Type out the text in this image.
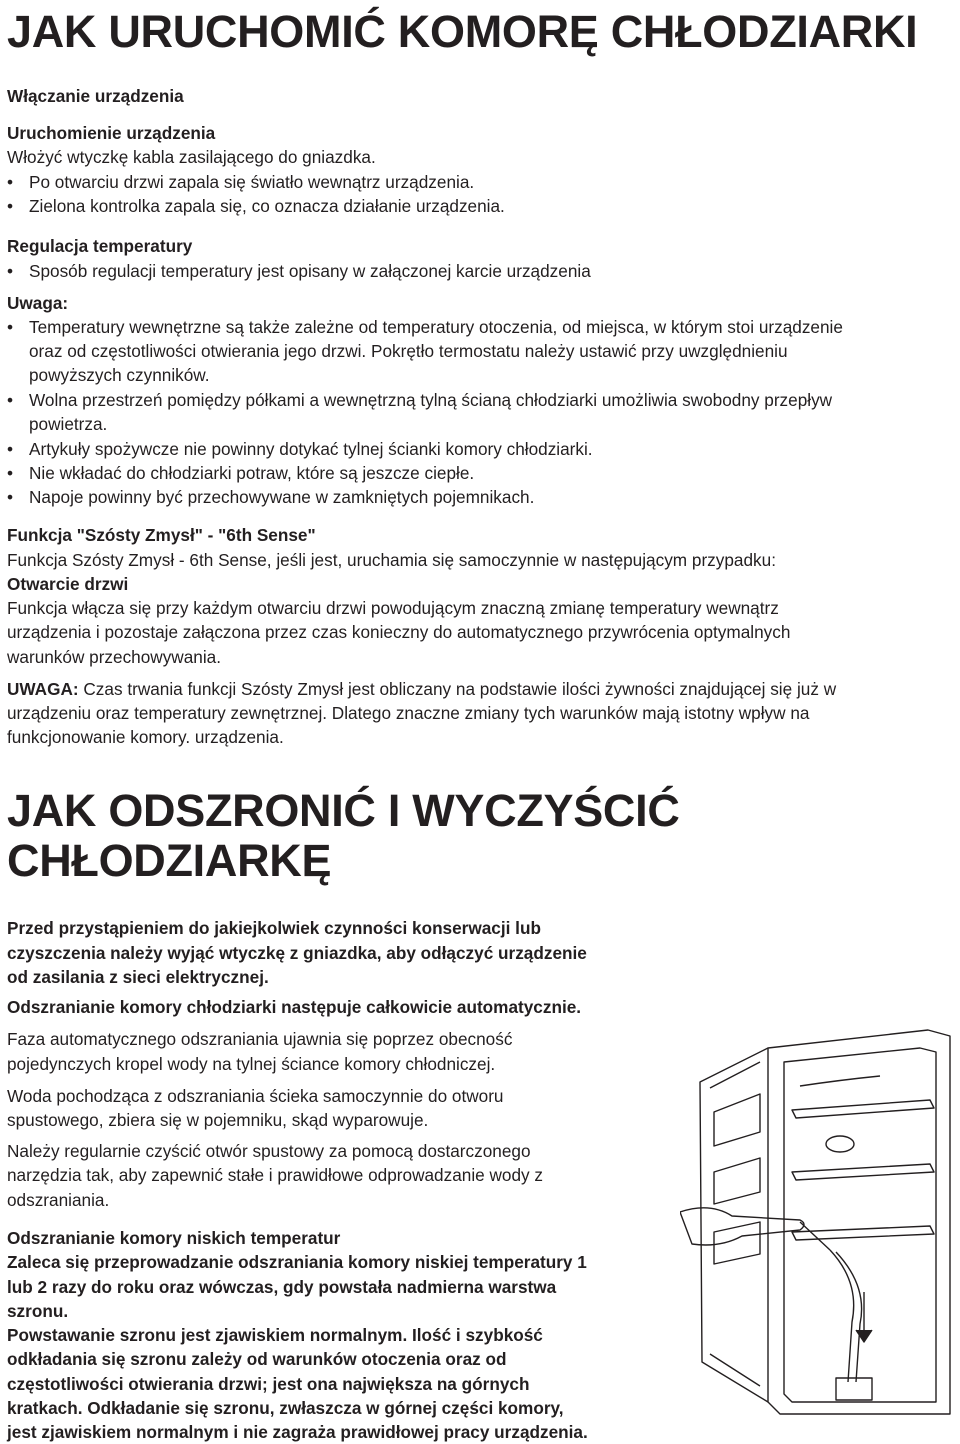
JAK URUCHOMIĆ KOMORĘ CHŁODZIARKI
Włączanie urządzenia
Uruchomienie urządzenia
Włożyć wtyczkę kabla zasilającego do gniazdka.
• Po otwarciu drzwi zapala się światło wewnątrz urządzenia.
• Zielona kontrolka zapala się, co oznacza działanie urządzenia.
Regulacja temperatury
• Sposób regulacji temperatury jest opisany w załączonej karcie urządzenia
Uwaga:
• Temperatury wewnętrzne są także zależne od temperatury otoczenia, od miejsca, w którym stoi urządzenie
oraz od częstotliwości otwierania jego drzwi. Pokrętło termostatu należy ustawić przy uwzględnieniu
powyższych czynników.
• Wolna przestrzeń pomiędzy półkami a wewnętrzną tylną ścianą chłodziarki umożliwia swobodny przepływ
powietrza.
• Artykuły spożywcze nie powinny dotykać tylnej ścianki komory chłodziarki.
• Nie wkładać do chłodziarki potraw, które są jeszcze ciepłe.
• Napoje powinny być przechowywane w zamkniętych pojemnikach.
Funkcja "Szósty Zmysł" - "6th Sense"
Funkcja Szósty Zmysł - 6th Sense, jeśli jest, uruchamia się samoczynnie w następującym przypadku:
Otwarcie drzwi
Funkcja włącza się przy każdym otwarciu drzwi powodującym znaczną zmianę temperatury wewnątrz
urządzenia i pozostaje załączona przez czas konieczny do automatycznego przywrócenia optymalnych
warunków przechowywania.
UWAGA: Czas trwania funkcji Szósty Zmysł jest obliczany na podstawie ilości żywności znajdującej się już w
urządzeniu oraz temperatury zewnętrznej. Dlatego znaczne zmiany tych warunków mają istotny wpływ na
funkcjonowanie komory. urządzenia.
JAK ODSZRONIĆ I WYCZYŚCIĆ CHŁODZIARKĘ
Przed przystąpieniem do jakiejkolwiek czynności konserwacji lub
czyszczenia należy wyjąć wtyczkę z gniazdka, aby odłączyć urządzenie
od zasilania z sieci elektrycznej.
Odszranianie komory chłodziarki następuje całkowicie automatycznie.
Faza automatycznego odszraniania ujawnia się poprzez obecność
pojedynczych kropel wody na tylnej ściance komory chłodniczej.
Woda pochodząca z odszraniania ścieka samoczynnie do otworu
spustowego, zbiera się w pojemniku, skąd wyparowuje.
Należy regularnie czyścić otwór spustowy za pomocą dostarczonego
narzędzia tak, aby zapewnić stałe i prawidłowe odprowadzanie wody z
odszraniania.
Odszranianie komory niskich temperatur
Zaleca się przeprowadzanie odszraniania komory niskiej temperatury 1
lub 2 razy do roku oraz wówczas, gdy powstała nadmierna warstwa
szronu.
Powstawanie szronu jest zjawiskiem normalnym. Ilość i szybkość
odkładania się szronu zależy od warunków otoczenia oraz od
częstotliwości otwierania drzwi; jest ona największa na górnych
kratkach. Odkładanie się szronu, zwłaszcza w górnej części komory,
jest zjawiskiem normalnym i nie zagraża prawidłowej pracy urządzenia.
